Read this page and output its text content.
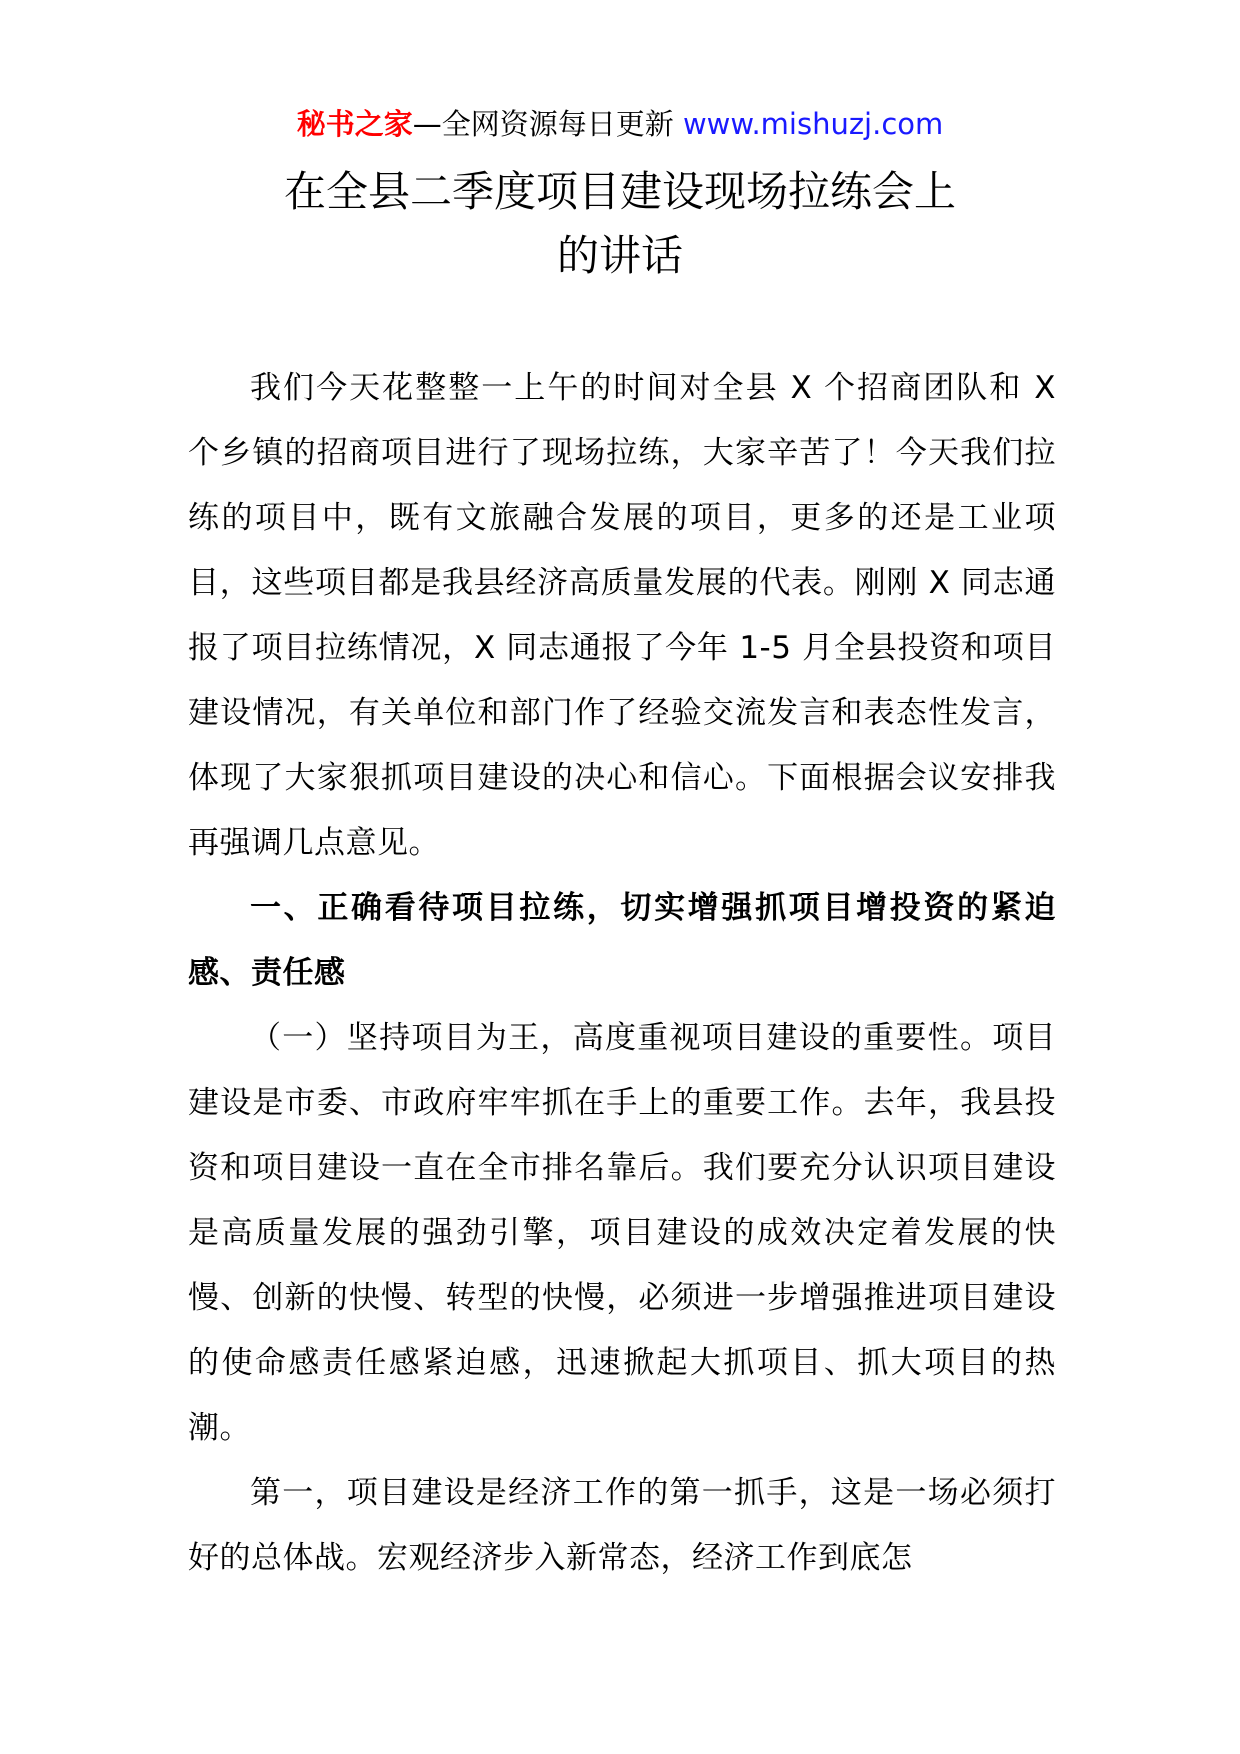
秘书之家—全网资源每日更新 www.mishuzj.com
在全县二季度项目建设现场拉练会上
的讲话

我们今天花整整一上午的时间对全县 X 个招商团队和 X 个乡镇的招商项目进行了现场拉练，大家辛苦了！今天我们拉练的项目中，既有文旅融合发展的项目，更多的还是工业项目，这些项目都是我县经济高质量发展的代表。刚刚 X 同志通报了项目拉练情况，X 同志通报了今年 1-5 月全县投资和项目建设情况，有关单位和部门作了经验交流发言和表态性发言，体现了大家狠抓项目建设的决心和信心。下面根据会议安排我再强调几点意见。

一、正确看待项目拉练，切实增强抓项目增投资的紧迫感、责任感

（一）坚持项目为王，高度重视项目建设的重要性。项目建设是市委、市政府牢牢抓在手上的重要工作。去年，我县投资和项目建设一直在全市排名靠后。我们要充分认识项目建设是高质量发展的强劲引擎，项目建设的成效决定着发展的快慢、创新的快慢、转型的快慢，必须进一步增强推进项目建设的使命感责任感紧迫感，迅速掀起大抓项目、抓大项目的热潮。

第一，项目建设是经济工作的第一抓手，这是一场必须打好的总体战。宏观经济步入新常态，经济工作到底怎
